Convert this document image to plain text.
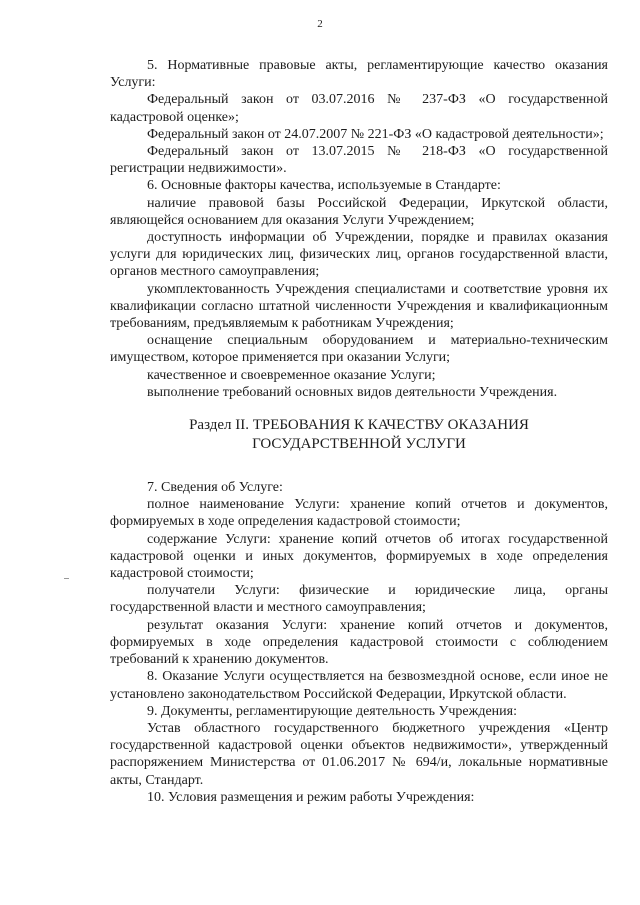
2

5. Нормативные правовые акты, регламентирующие качество оказания Услуги:

Федеральный закон от 03.07.2016 № 237-ФЗ «О государственной кадастровой оценке»;

Федеральный закон от 24.07.2007 № 221-ФЗ «О кадастровой деятельности»;

Федеральный закон от 13.07.2015 № 218-ФЗ «О государственной регистрации недвижимости».

6. Основные факторы качества, используемые в Стандарте:

наличие правовой базы Российской Федерации, Иркутской области, являющейся основанием для оказания Услуги Учреждением;

доступность информации об Учреждении, порядке и правилах оказания услуги для юридических лиц, физических лиц, органов государственной власти, органов местного самоуправления;

укомплектованность Учреждения специалистами и соответствие уровня их квалификации согласно штатной численности Учреждения и квалификационным требованиям, предъявляемым к работникам Учреждения;

оснащение специальным оборудованием и материально-техническим имуществом, которое применяется при оказании Услуги;

качественное и своевременное оказание Услуги;

выполнение требований основных видов деятельности Учреждения.

Раздел II. ТРЕБОВАНИЯ К КАЧЕСТВУ ОКАЗАНИЯ
ГОСУДАРСТВЕННОЙ УСЛУГИ

7. Сведения об Услуге:

полное наименование Услуги: хранение копий отчетов и документов, формируемых в ходе определения кадастровой стоимости;

содержание Услуги: хранение копий отчетов об итогах государственной кадастровой оценки и иных документов, формируемых в ходе определения кадастровой стоимости;

получатели Услуги: физические и юридические лица, органы государственной власти и местного самоуправления;

результат оказания Услуги: хранение копий отчетов и документов, формируемых в ходе определения кадастровой стоимости с соблюдением требований к хранению документов.

8. Оказание Услуги осуществляется на безвозмездной основе, если иное не установлено законодательством Российской Федерации, Иркутской области.

9. Документы, регламентирующие деятельность Учреждения:

Устав областного государственного бюджетного учреждения «Центр государственной кадастровой оценки объектов недвижимости», утвержденный распоряжением Министерства от 01.06.2017 № 694/и, локальные нормативные акты, Стандарт.

10. Условия размещения и режим работы Учреждения:
